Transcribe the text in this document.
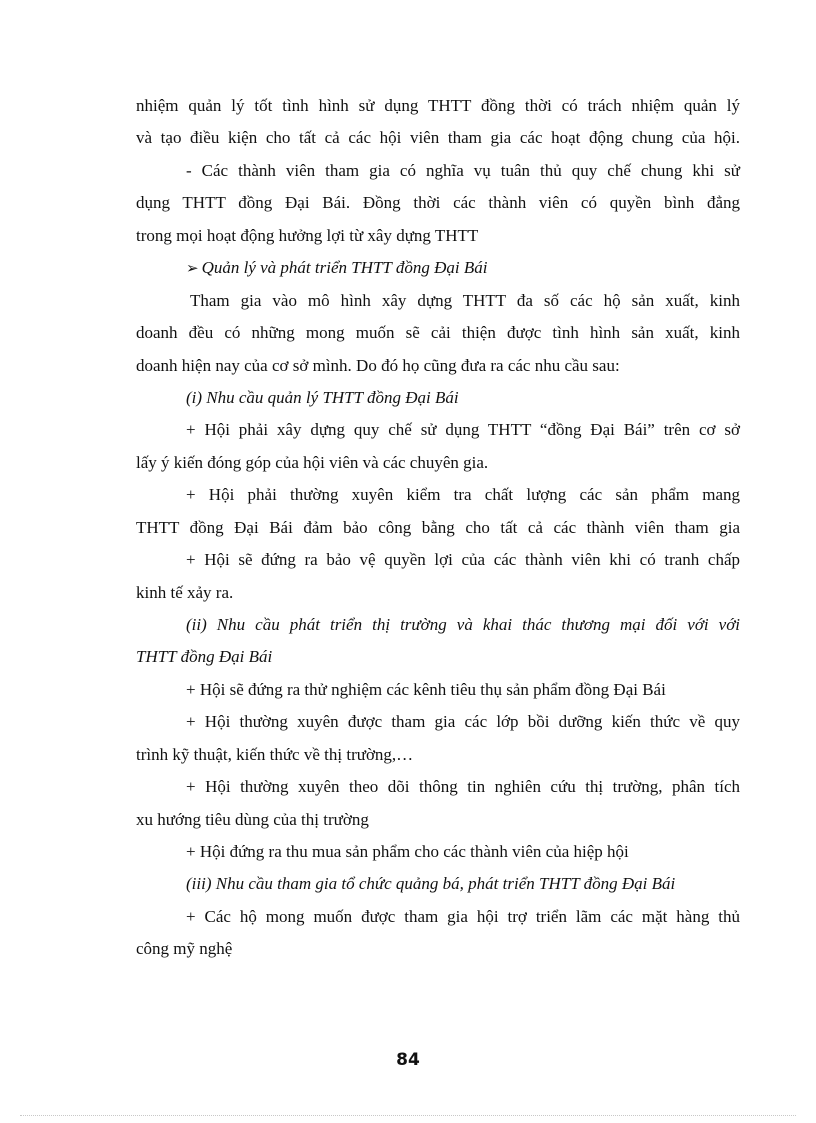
nhiệm quản lý tốt tình hình sử dụng THTT đồng thời có trách nhiệm quản lý
và tạo điều kiện cho tất cả các hội viên tham gia các hoạt động chung của hội.
- Các thành viên tham gia có nghĩa vụ tuân thủ quy chế chung khi sử
dụng THTT đồng Đại Bái. Đồng thời các thành viên có quyền bình đẳng
trong mọi hoạt động hưởng lợi từ xây dựng THTT
➢ Quản lý và phát triển THTT đồng Đại Bái
Tham gia vào mô hình xây dựng THTT đa số các hộ sản xuất, kinh
doanh đều có những mong muốn sẽ cải thiện được tình hình sản xuất, kinh
doanh hiện nay của cơ sở mình. Do đó họ cũng đưa ra các nhu cầu sau:
(i) Nhu cầu quản lý THTT đồng Đại Bái
+ Hội phải xây dựng quy chế sử dụng THTT “đồng Đại Bái” trên cơ sở
lấy ý kiến đóng góp của hội viên và các chuyên gia.
+ Hội phải thường xuyên kiểm tra chất lượng các sản phẩm mang
THTT đồng Đại Bái đảm bảo công bằng cho tất cả các thành viên tham gia
+ Hội sẽ đứng ra bảo vệ quyền lợi của các thành viên khi có tranh chấp
kinh tế xảy ra.
(ii) Nhu cầu phát triển thị trường và khai thác thương mại đối với với
THTT đồng Đại Bái
+ Hội sẽ đứng ra thử nghiệm các kênh tiêu thụ sản phẩm đồng Đại Bái
+ Hội thường xuyên được tham gia các lớp bồi dưỡng kiến thức về quy
trình kỹ thuật, kiến thức về thị trường,…
+ Hội thường xuyên theo dõi thông tin nghiên cứu thị trường, phân tích
xu hướng tiêu dùng của thị trường
+ Hội đứng ra thu mua sản phẩm cho các thành viên của hiệp hội
(iii) Nhu cầu tham gia tổ chức quảng bá, phát triển THTT đồng Đại Bái
+ Các hộ mong muốn được tham gia hội trợ triển lãm các mặt hàng thủ
công mỹ nghệ
84
